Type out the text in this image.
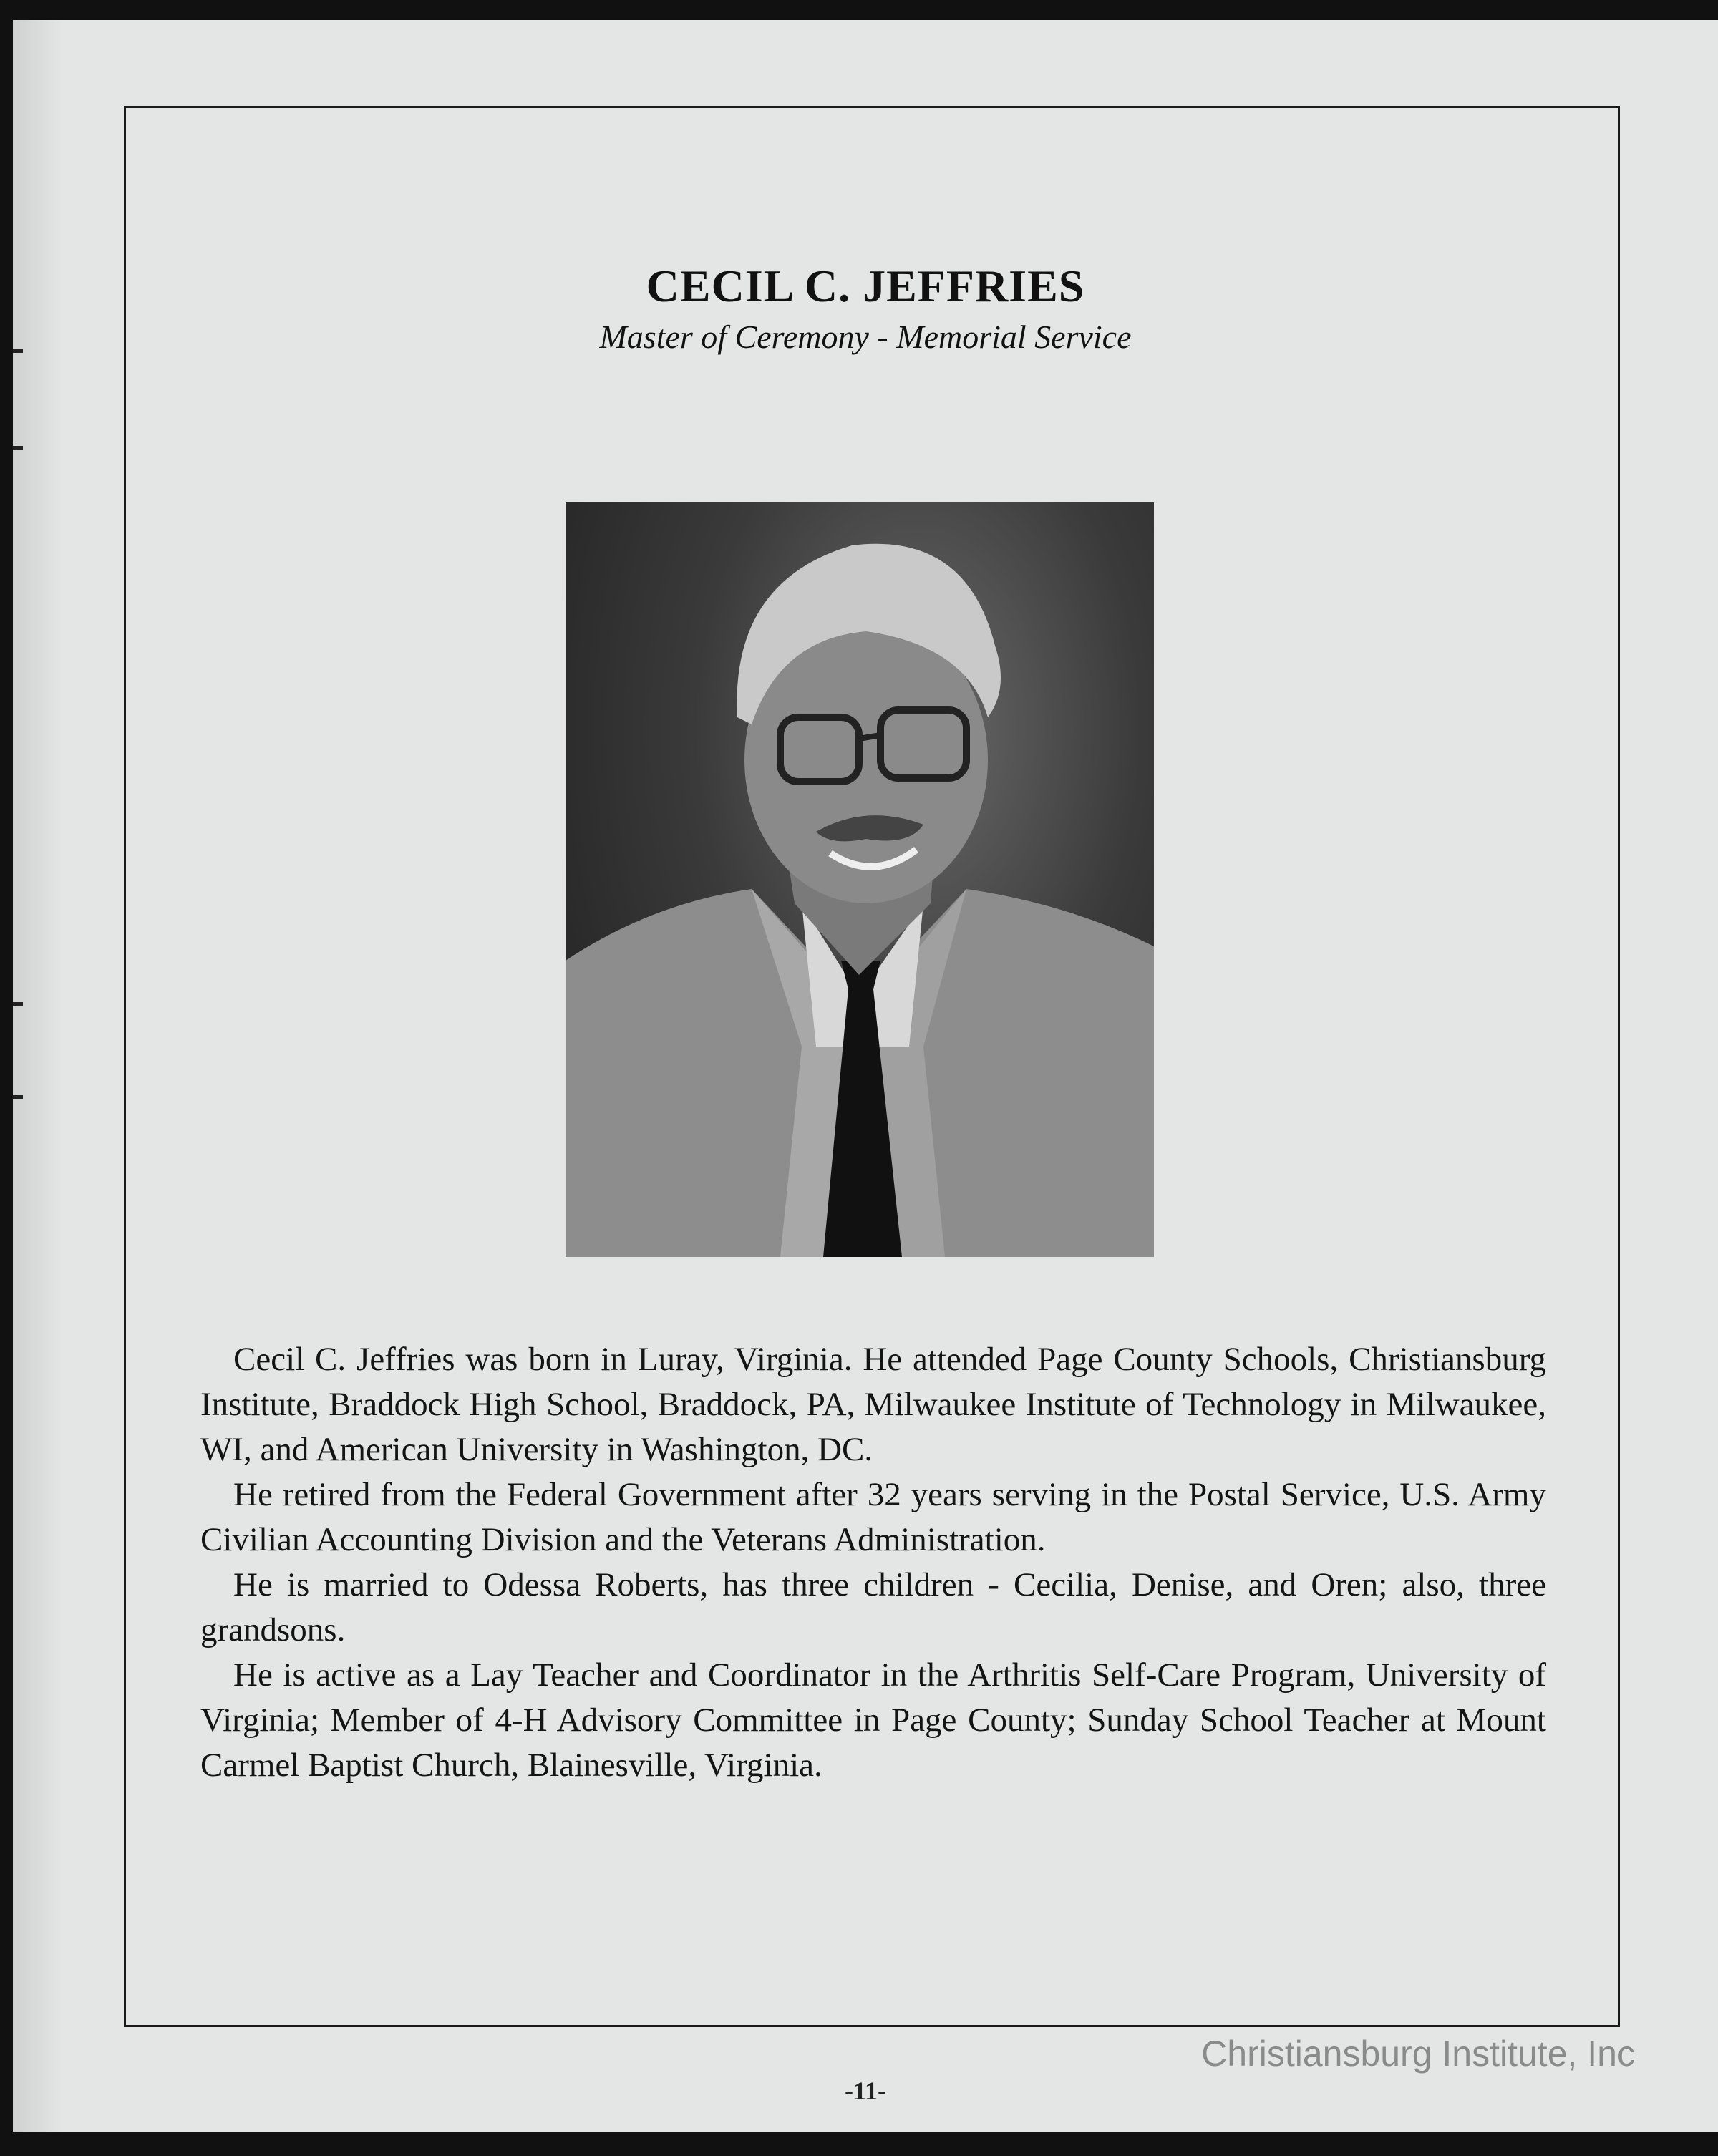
CECIL C. JEFFRIES
Master of Ceremony - Memorial Service

Cecil C. Jeffries was born in Luray, Virginia. He attended Page County Schools, Christiansburg Institute, Braddock High School, Braddock, PA, Milwaukee Institute of Technology in Milwaukee, WI, and American University in Washington, DC.

He retired from the Federal Government after 32 years serving in the Postal Service, U.S. Army Civilian Accounting Division and the Veterans Administration.

He is married to Odessa Roberts, has three children - Cecilia, Denise, and Oren; also, three grandsons.

He is active as a Lay Teacher and Coordinator in the Arthritis Self-Care Program, University of Virginia; Member of 4-H Advisory Committee in Page County; Sunday School Teacher at Mount Carmel Baptist Church, Blainesville, Virginia.

Christiansburg Institute, Inc
-11-
